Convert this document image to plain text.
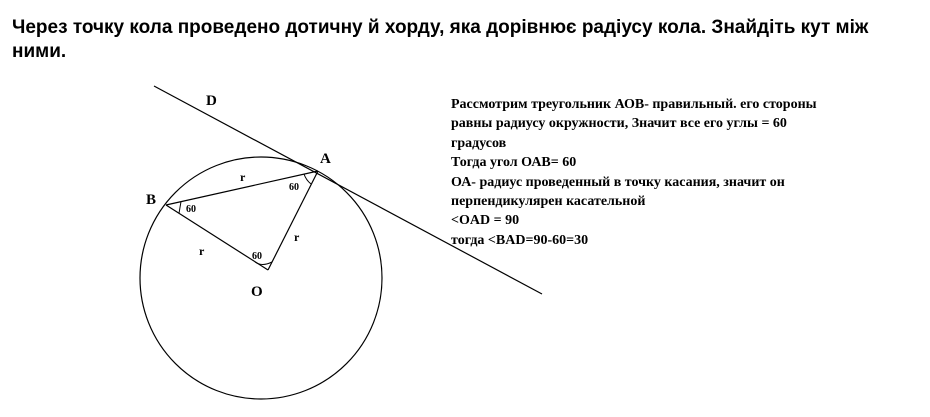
Через точку кола проведено дотичну й хорду, яка дорівнює радіусу кола. Знайдіть кут між
ними.

D
A
B
O
r
r
r
60
60
60
Рассмотрим треугольник АОВ- правильный. его стороны
равны радиусу окружности, Значит все его углы = 60
градусов
Тогда угол ОАВ= 60
ОА- радиус проведенный в точку касания, значит он
перпендикулярен касательной
<OAD = 90
тогда <BAD=90-60=30
